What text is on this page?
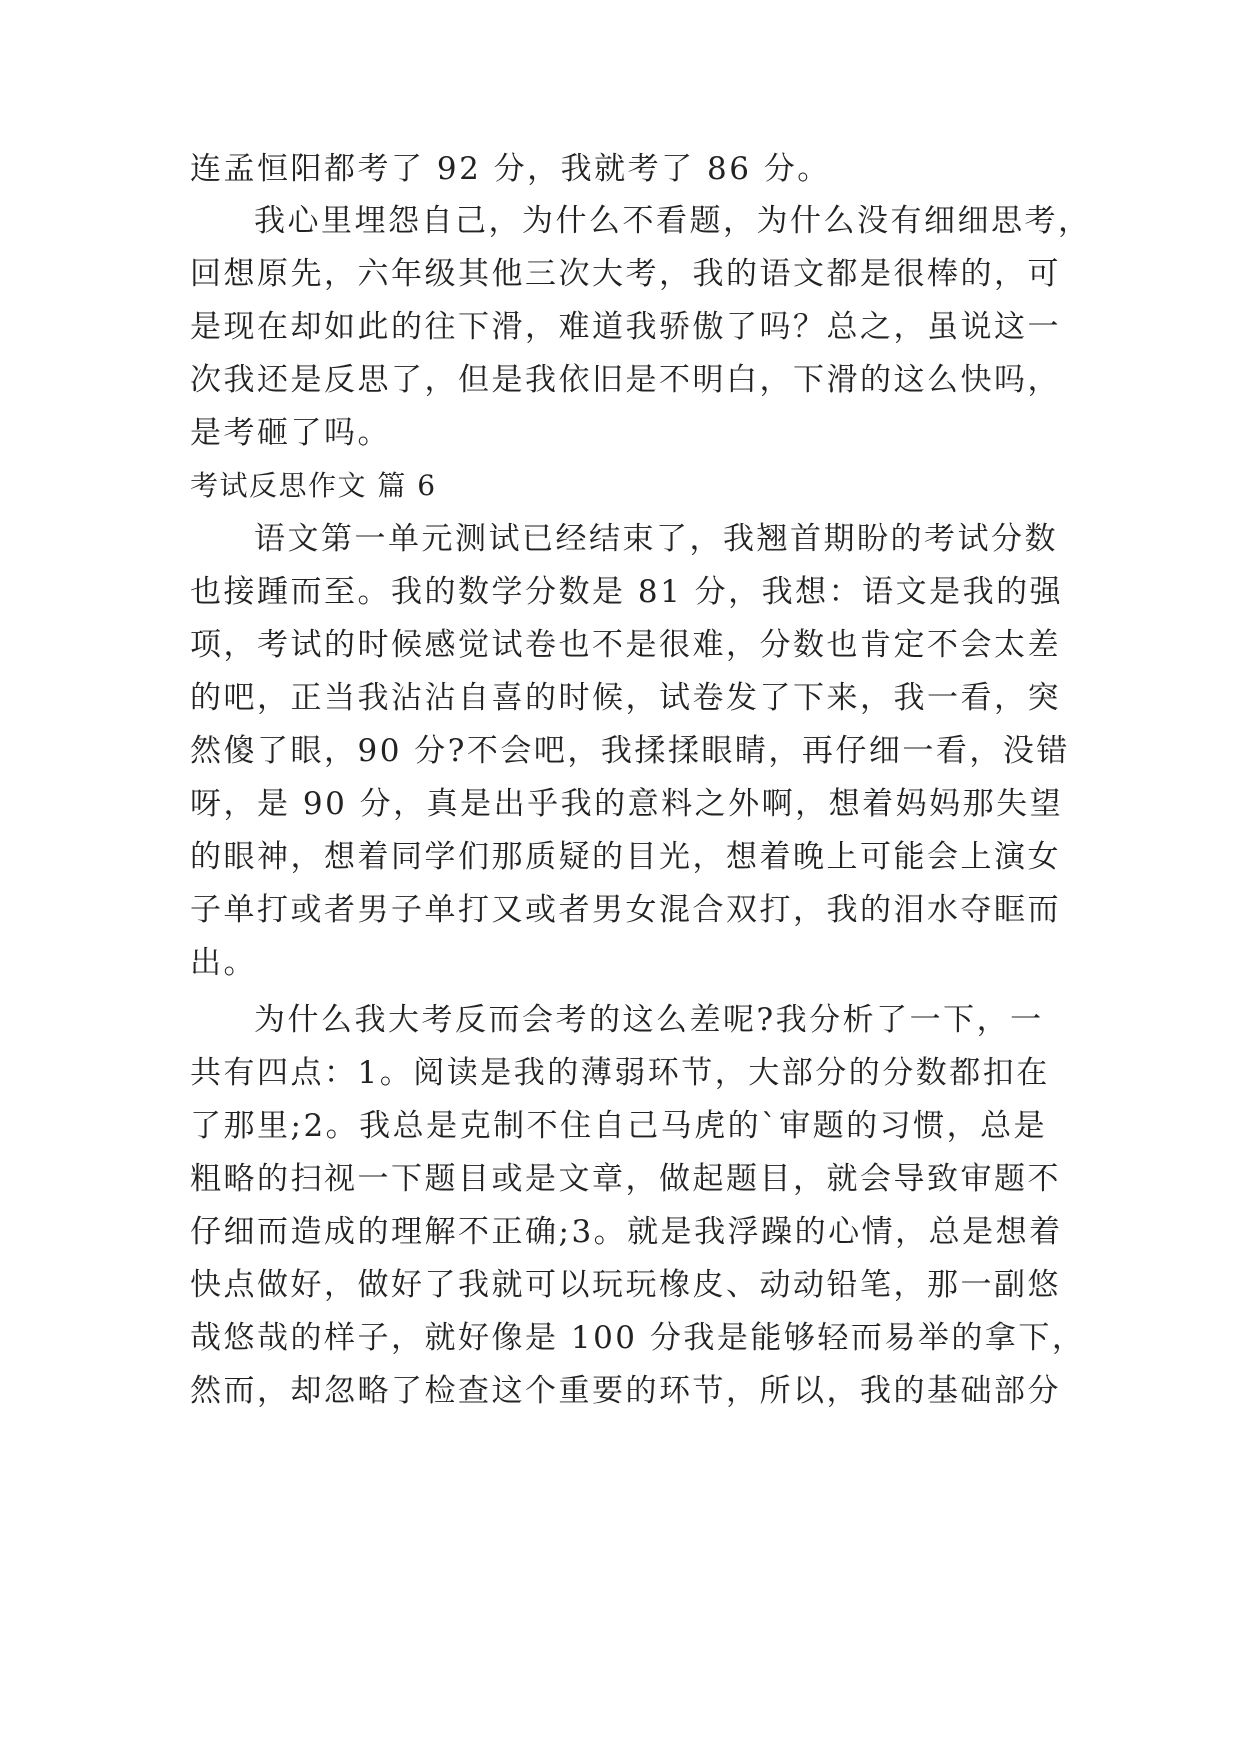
连孟恒阳都考了 92 分，我就考了 86 分。
我心里埋怨自己，为什么不看题，为什么没有细细思考，
回想原先，六年级其他三次大考，我的语文都是很棒的，可
是现在却如此的往下滑，难道我骄傲了吗？总之，虽说这一
次我还是反思了，但是我依旧是不明白，下滑的这么快吗，
是考砸了吗。
考试反思作文 篇 6
语文第一单元测试已经结束了，我翘首期盼的考试分数
也接踵而至。我的数学分数是 81 分，我想：语文是我的强
项，考试的时候感觉试卷也不是很难，分数也肯定不会太差
的吧，正当我沾沾自喜的时候，试卷发了下来，我一看，突
然傻了眼，90 分?不会吧，我揉揉眼睛，再仔细一看，没错
呀，是 90 分，真是出乎我的意料之外啊，想着妈妈那失望
的眼神，想着同学们那质疑的目光，想着晚上可能会上演女
子单打或者男子单打又或者男女混合双打，我的泪水夺眶而
出。
为什么我大考反而会考的这么差呢?我分析了一下，一
共有四点：1。阅读是我的薄弱环节，大部分的分数都扣在
了那里;2。我总是克制不住自己马虎的`审题的习惯，总是
粗略的扫视一下题目或是文章，做起题目，就会导致审题不
仔细而造成的理解不正确;3。就是我浮躁的心情，总是想着
快点做好，做好了我就可以玩玩橡皮、动动铅笔，那一副悠
哉悠哉的样子，就好像是 100 分我是能够轻而易举的拿下，
然而，却忽略了检查这个重要的环节，所以，我的基础部分
